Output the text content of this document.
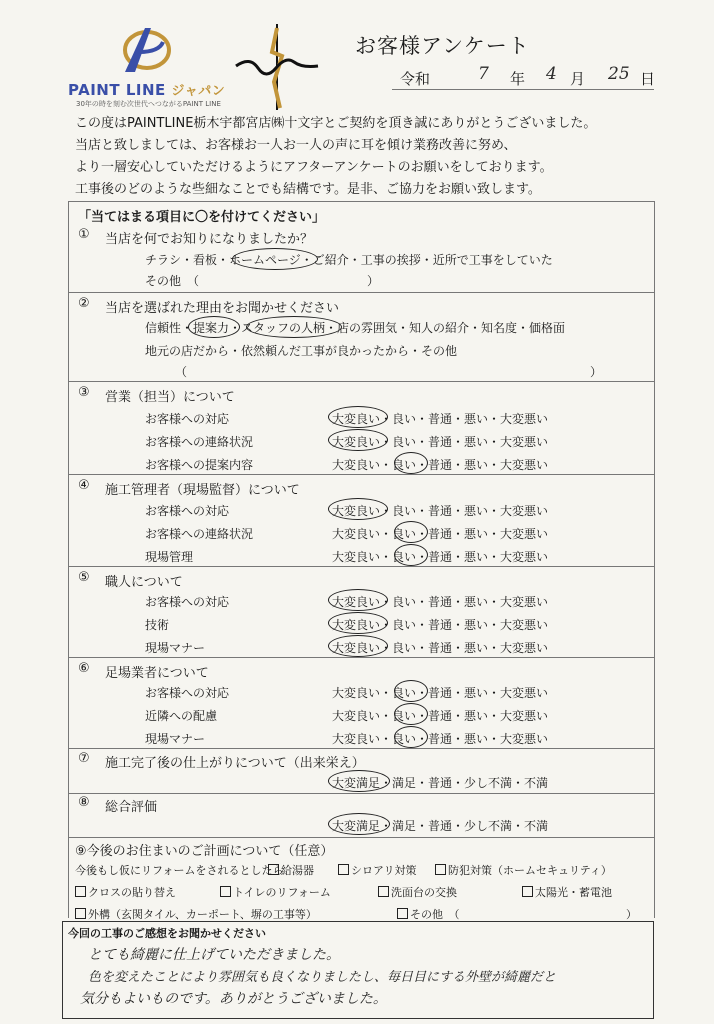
PAINT LINE ジャパン
30年の時を刻む次世代へつながるPAINT LINE
お客様アンケート
令和	7 年 4 月 25 日
この度はPAINTLINE栃木宇都宮店㈱十文字とご契約を頂き誠にありがとうございました。
当店と致しましては、お客様お一人お一人の声に耳を傾け業務改善に努め、
より一層安心していただけるようにアフターアンケートのお願いをしております。
工事後のどのような些細なことでも結構です。是非、ご協力をお願い致します。
「当てはまる項目に〇を付けてください」
① 当店を何でお知りになりましたか？
チラシ・看板・ホームページ・ご紹介・工事の挨拶・近所で工事をしていた
その他　（　　　　　　　　　　　　　　）
② 当店を選ばれた理由をお聞かせください
信頼性・提案力・スタッフの人柄・店の雰囲気・知人の紹介・知名度・価格面
地元の店だから・依然頼んだ工事が良かったから・その他
（	）
③ 営業（担当）について
お客様への対応	大変良い・良い・普通・悪い・大変悪い
お客様への連絡状況	大変良い・良い・普通・悪い・大変悪い
お客様への提案内容	大変良い・良い・普通・悪い・大変悪い
④ 施工管理者（現場監督）について
お客様への対応	大変良い・良い・普通・悪い・大変悪い
お客様への連絡状況	大変良い・良い・普通・悪い・大変悪い
現場管理	大変良い・良い・普通・悪い・大変悪い
⑤ 職人について
お客様への対応	大変良い・良い・普通・悪い・大変悪い
技術	大変良い・良い・普通・悪い・大変悪い
現場マナー	大変良い・良い・普通・悪い・大変悪い
⑥ 足場業者について
お客様への対応	大変良い・良い・普通・悪い・大変悪い
近隣への配慮	大変良い・良い・普通・悪い・大変悪い
現場マナー	大変良い・良い・普通・悪い・大変悪い
⑦ 施工完了後の仕上がりについて（出来栄え）
大変満足・満足・普通・少し不満・不満
⑧ 総合評価
大変満足・満足・普通・少し不満・不満
⑨今後のお住まいのご計画について（任意）
今後もし仮にリフォームをされるとしたら
給湯器	シロアリ対策	防犯対策（ホームセキュリティ）
クロスの貼り替え	トイレのリフォーム	洗面台の交換	太陽光・蓄電池
外構（玄関タイル、カーポート、塀の工事等）	その他　（	）
今回の工事のご感想をお聞かせください
とても綺麗に仕上げていただきました。
色を変えたことにより雰囲気も良くなりましたし、毎日目にする外壁が綺麗だと
気分もよいものです。ありがとうございました。
